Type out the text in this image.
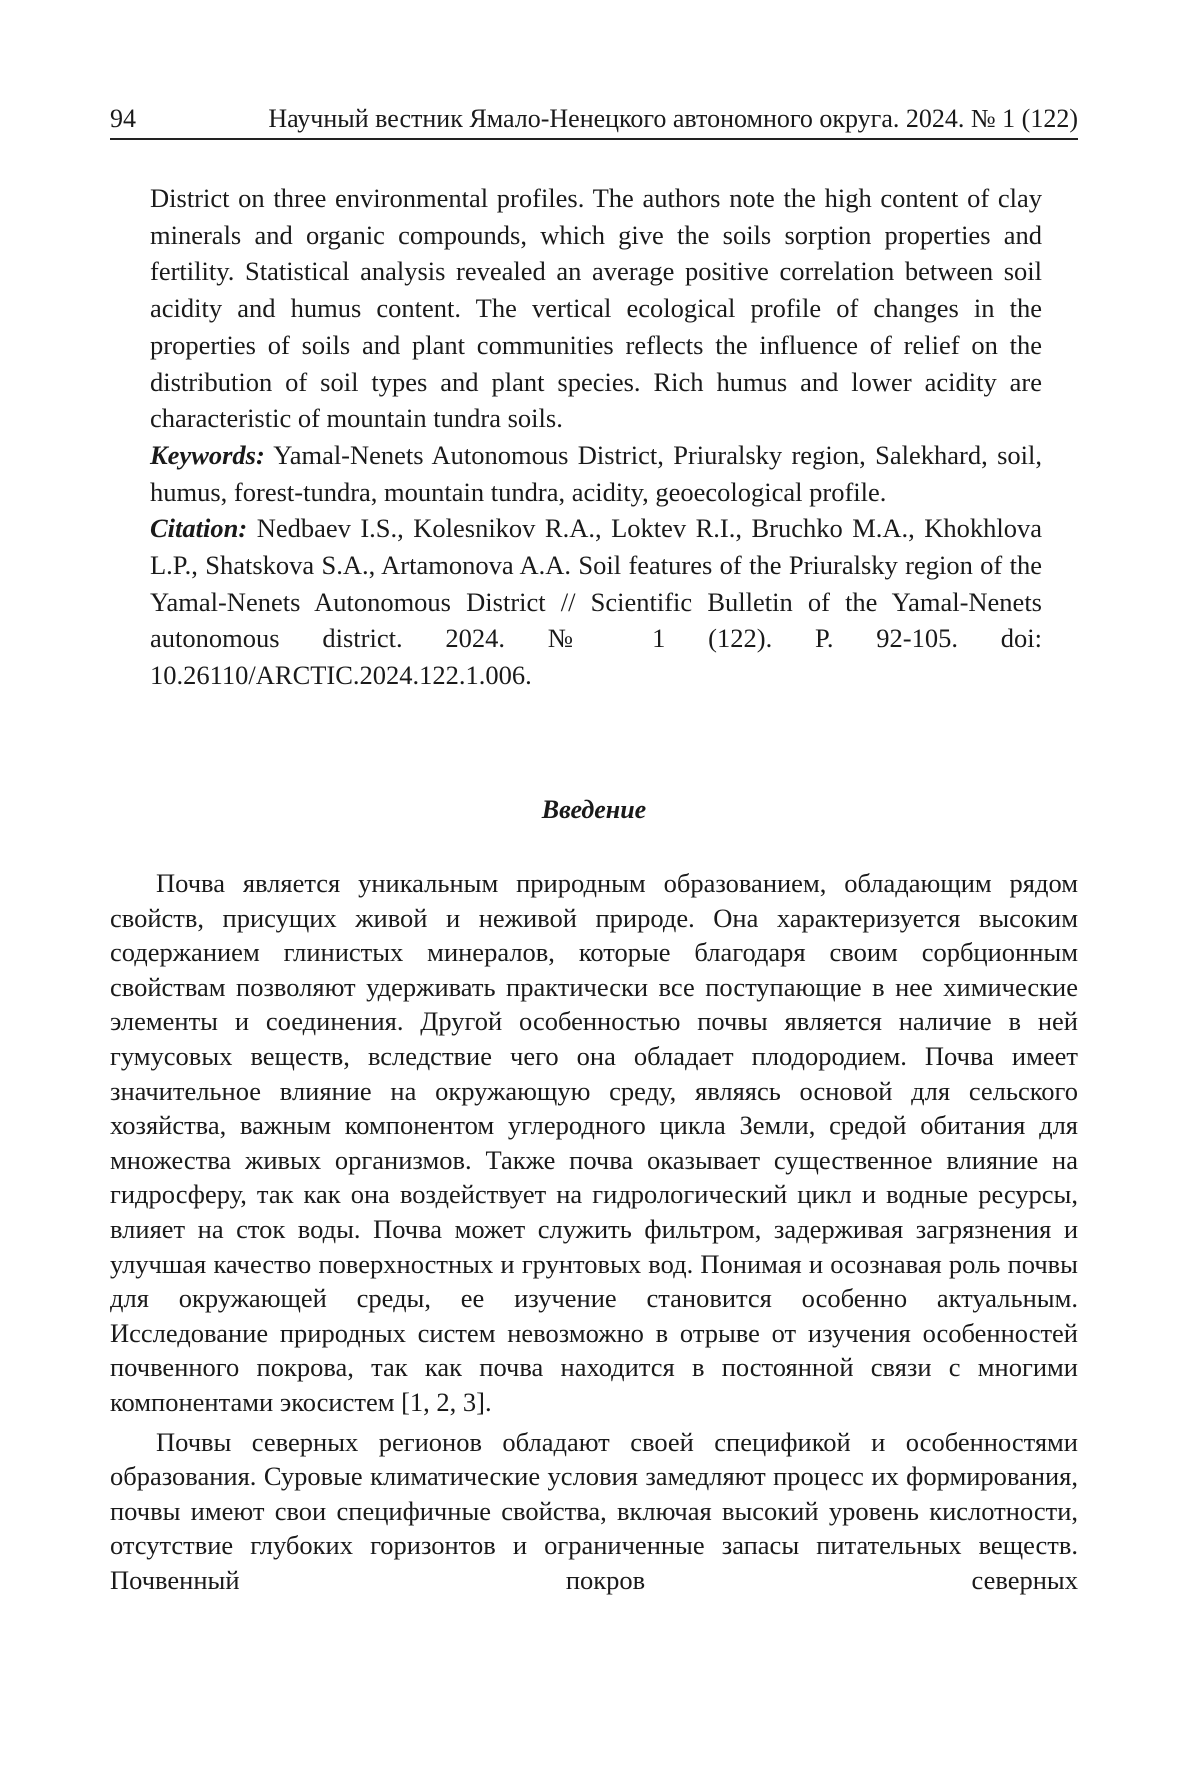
94	Научный вестник Ямало-Ненецкого автономного округа. 2024. № 1 (122)

District on three environmental profiles. The authors note the high content of clay minerals and organic compounds, which give the soils sorption properties and fertility. Statistical analysis revealed an average positive correlation between soil acidity and humus content. The vertical ecological profile of changes in the properties of soils and plant communities reflects the influence of relief on the distribution of soil types and plant species. Rich humus and lower acidity are characteristic of mountain tundra soils.

Keywords: Yamal-Nenets Autonomous District, Priuralsky region, Salekhard, soil, humus, forest-tundra, mountain tundra, acidity, geoecological profile.

Citation: Nedbaev I.S., Kolesnikov R.A., Loktev R.I., Bruchko M.A., Khokhlova L.P., Shatskova S.A., Artamonova A.A. Soil features of the Priuralsky region of the Yamal-Nenets Autonomous District // Scientific Bulletin of the Yamal-Nenets autonomous district. 2024. № 1 (122). P. 92-105. doi: 10.26110/ARCTIC.2024.122.1.006.

Введение

Почва является уникальным природным образованием, обладающим рядом свойств, присущих живой и неживой природе. Она характеризуется высоким содержанием глинистых минералов, которые благодаря своим сорбционным свойствам позволяют удерживать практически все поступающие в нее химические элементы и соединения. Другой особенностью почвы является наличие в ней гумусовых веществ, вследствие чего она обладает плодородием. Почва имеет значительное влияние на окружающую среду, являясь основой для сельского хозяйства, важным компонентом углеродного цикла Земли, средой обитания для множества живых организмов. Также почва оказывает существенное влияние на гидросферу, так как она воздействует на гидрологический цикл и водные ресурсы, влияет на сток воды. Почва может служить фильтром, задерживая загрязнения и улучшая качество поверхностных и грунтовых вод. Понимая и осознавая роль почвы для окружающей среды, ее изучение становится особенно актуальным. Исследование природных систем невозможно в отрыве от изучения особенностей почвенного покрова, так как почва находится в постоянной связи с многими компонентами экосистем [1, 2, 3].

Почвы северных регионов обладают своей спецификой и особенностями образования. Суровые климатические условия замедляют процесс их формирования, почвы имеют свои специфичные свойства, включая высокий уровень кислотности, отсутствие глубоких горизонтов и ограниченные запасы питательных веществ. Почвенный покров северных
